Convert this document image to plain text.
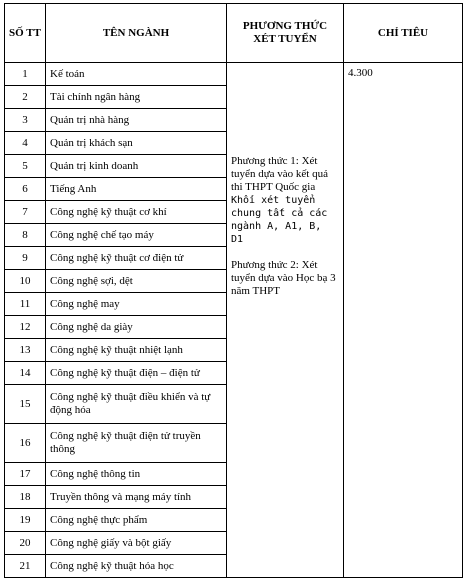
SỐ TT	TÊN NGÀNH	PHƯƠNG THỨC XÉT TUYỂN	CHỈ TIÊU
1	Kế toán	Phương thức 1: Xét tuyển dựa vào kết quả thi THPT Quốc gia
Khối xét tuyển chung tất cả các ngành A, A1, B, D1
Phương thức 2: Xét tuyển dựa vào Học bạ 3 năm THPT	4.300
2	Tài chính ngân hàng		
3	Quản trị nhà hàng		
4	Quản trị khách sạn		
5	Quản trị kinh doanh		
6	Tiếng Anh		
7	Công nghệ kỹ thuật cơ khí		
8	Công nghệ chế tạo máy		
9	Công nghệ kỹ thuật cơ điện tử		
10	Công nghệ sợi, dệt		
11	Công nghệ may		
12	Công nghệ da giày		
13	Công nghệ kỹ thuật nhiệt lạnh		
14	Công nghệ kỹ thuật điện – điện tử		
15	Công nghệ kỹ thuật điều khiển và tự động hóa		
16	Công nghệ kỹ thuật điện tử truyền thông		
17	Công nghệ thông tin		
18	Truyền thông và mạng máy tính		
19	Công nghệ thực phẩm		
20	Công nghệ giấy và bột giấy		
21	Công nghệ kỹ thuật hóa học		
